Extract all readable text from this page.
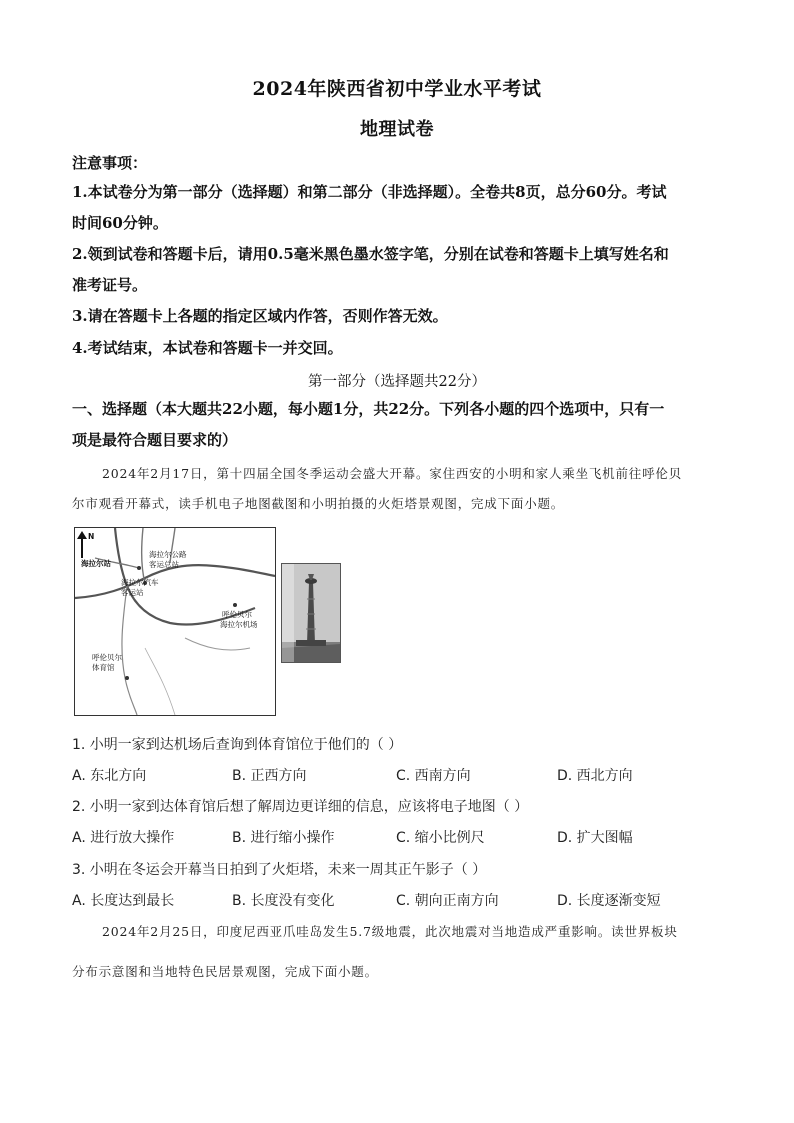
2024年陕西省初中学业水平考试
地理试卷
注意事项：
1.本试卷分为第一部分（选择题）和第二部分（非选择题）。全卷共8页，总分60分。考试
时间60分钟。
2.领到试卷和答题卡后，请用0.5毫米黑色墨水签字笔，分别在试卷和答题卡上填写姓名和
准考证号。
3.请在答题卡上各题的指定区域内作答，否则作答无效。
4.考试结束，本试卷和答题卡一并交回。
第一部分（选择题共22分）
一、选择题（本大题共22小题，每小题1分，共22分。下列各小题的四个选项中，只有一
项是最符合题目要求的）
2024年2月17日，第十四届全国冬季运动会盛大开幕。家住西安的小明和家人乘坐飞机前往呼伦贝
尔市观看开幕式，读手机电子地图截图和小明拍摄的火炬塔景观图，完成下面小题。
N
海拉尔站
海拉尔公路
客运总站
海拉尔汽车
客运站
呼伦贝尔
海拉尔机场
呼伦贝尔
体育馆
1. 小明一家到达机场后查询到体育馆位于他们的（ ）
A. 东北方向	B. 正西方向	C. 西南方向	D. 西北方向
2. 小明一家到达体育馆后想了解周边更详细的信息，应该将电子地图（ ）
A. 进行放大操作	B. 进行缩小操作	C. 缩小比例尺	D. 扩大图幅
3. 小明在冬运会开幕当日拍到了火炬塔，未来一周其正午影子（ ）
A. 长度达到最长	B. 长度没有变化	C. 朝向正南方向	D. 长度逐渐变短
2024年2月25日，印度尼西亚爪哇岛发生5.7级地震，此次地震对当地造成严重影响。读世界板块
分布示意图和当地特色民居景观图，完成下面小题。
